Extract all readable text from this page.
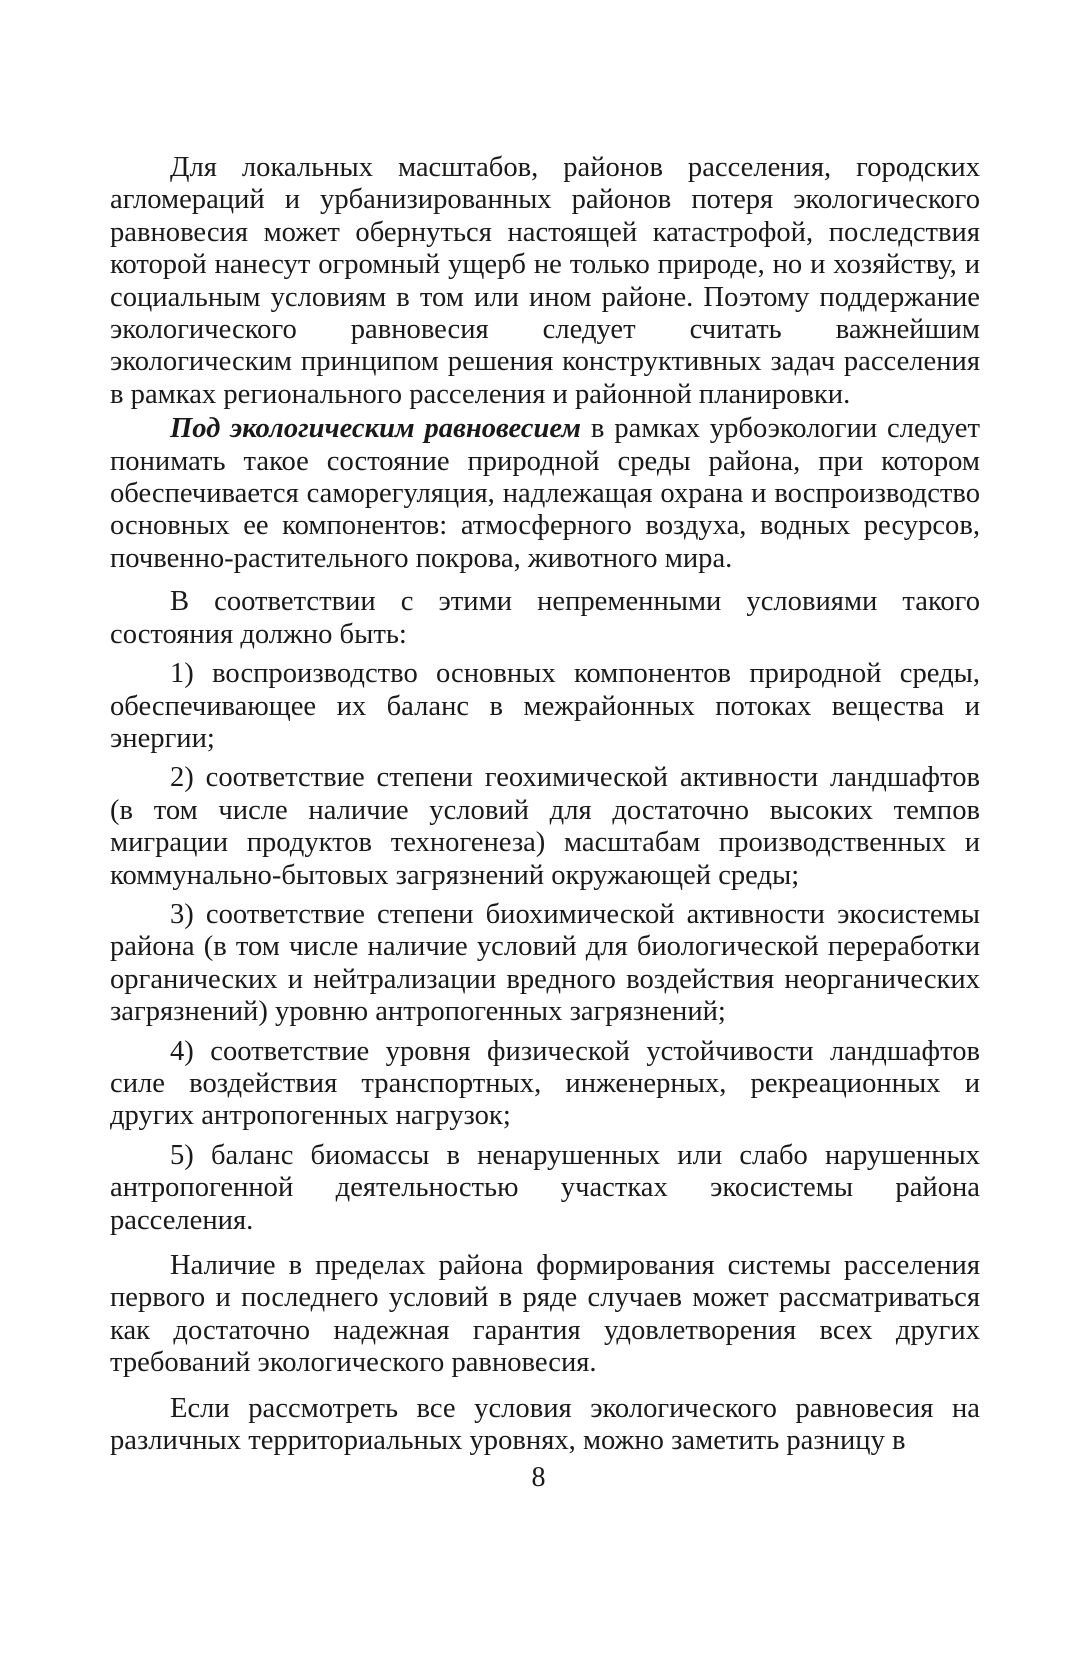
Для локальных масштабов, районов расселения, городских агломераций и урбанизированных районов потеря экологического равновесия может обернуться настоящей катастрофой, последствия которой нанесут огромный ущерб не только природе, но и хозяйству, и социальным условиям в том или ином районе. Поэтому поддержание экологического равновесия следует считать важнейшим экологическим принципом решения конструктивных задач расселения в рамках регионального расселения и районной планировки.

Под экологическим равновесием в рамках урбоэкологии следует понимать такое состояние природной среды района, при котором обеспечивается саморегуляция, надлежащая охрана и воспроизводство основных ее компонентов: атмосферного воздуха, водных ресурсов, почвенно-растительного покрова, животного мира.

В соответствии с этими непременными условиями такого состояния должно быть:

1) воспроизводство основных компонентов природной среды, обеспечивающее их баланс в межрайонных потоках вещества и энергии;

2) соответствие степени геохимической активности ландшафтов (в том числе наличие условий для достаточно высоких темпов миграции продуктов техногенеза) масштабам производственных и коммунально-бытовых загрязнений окружающей среды;

3) соответствие степени биохимической активности экосистемы района (в том числе наличие условий для биологической переработки органических и нейтрализации вредного воздействия неорганических загрязнений) уровню антропогенных загрязнений;

4) соответствие уровня физической устойчивости ландшафтов силе воздействия транспортных, инженерных, рекреационных и других антропогенных нагрузок;

5) баланс биомассы в ненарушенных или слабо нарушенных антропогенной деятельностью участках экосистемы района расселения.

Наличие в пределах района формирования системы расселения первого и последнего условий в ряде случаев может рассматриваться как достаточно надежная гарантия удовлетворения всех других требований экологического равновесия.

Если рассмотреть все условия экологического равновесия на различных территориальных уровнях, можно заметить разницу в

8
